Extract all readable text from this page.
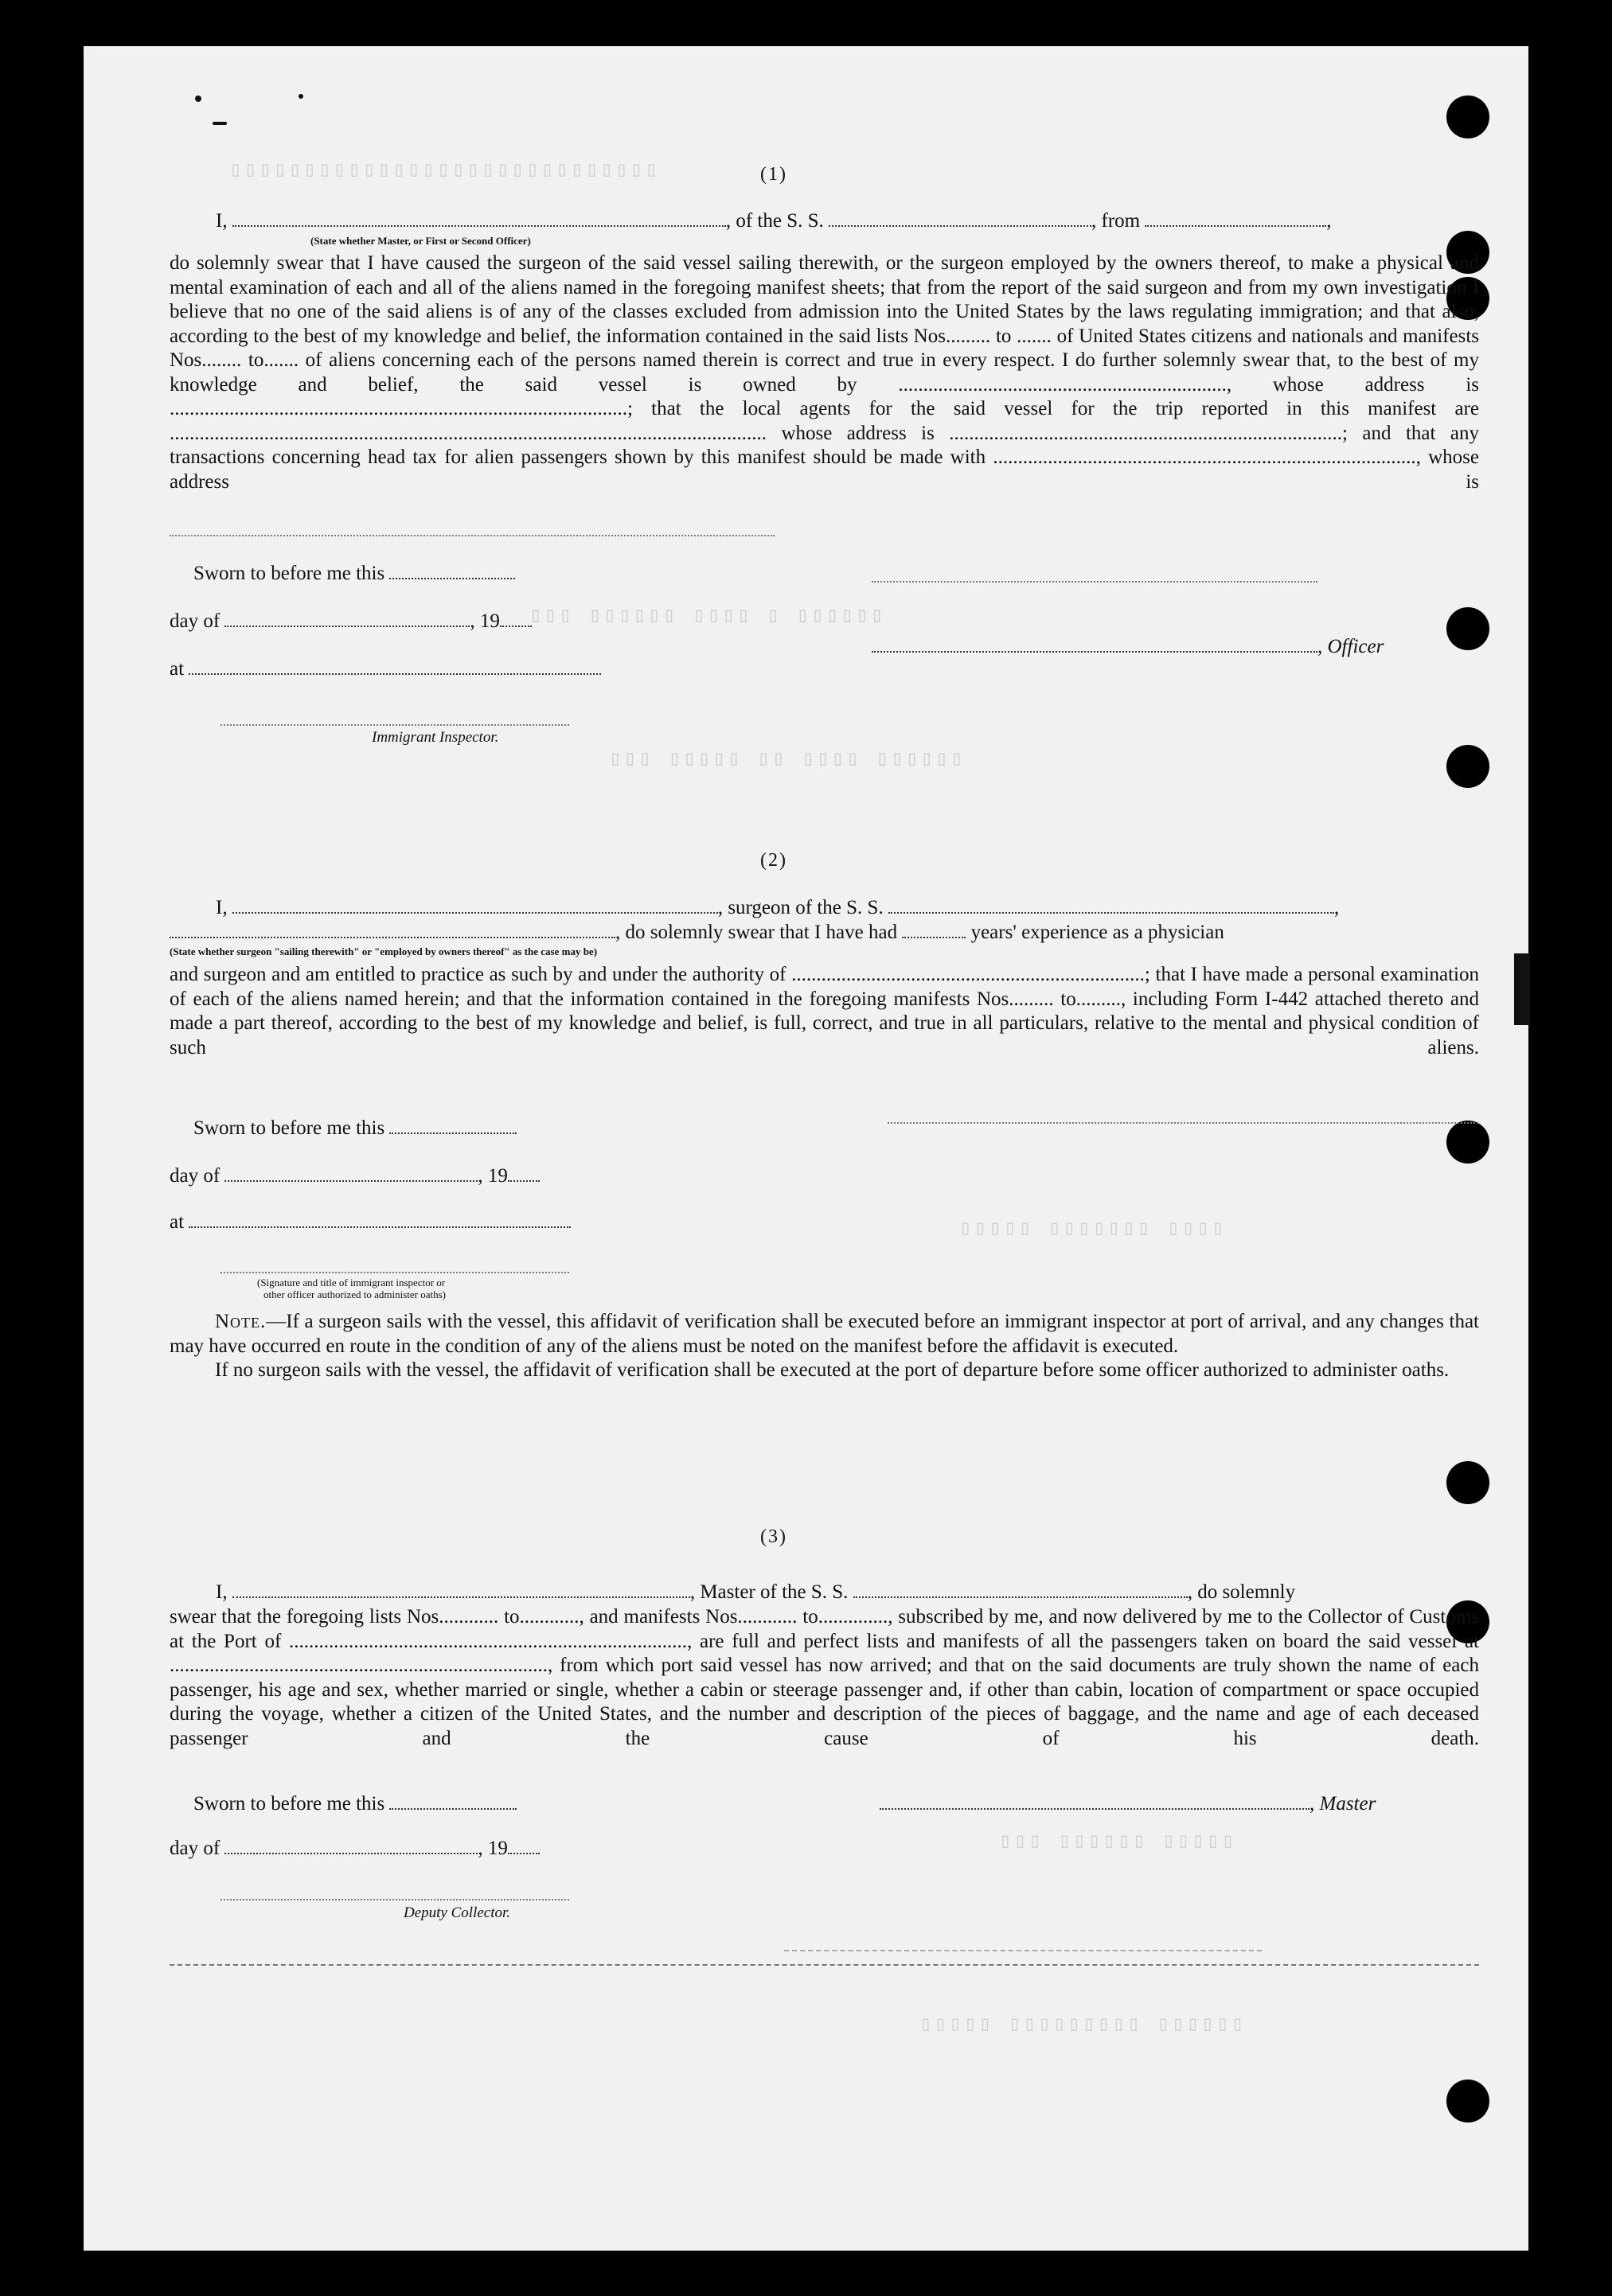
▯▯▯▯▯▯▯▯▯▯▯▯▯▯▯▯▯▯▯▯▯▯▯▯▯▯▯▯▯
▯▯▯ ▯▯▯▯▯▯ ▯▯▯▯ ▯ ▯▯▯▯▯▯
▯▯▯ ▯▯▯▯▯ ▯▯ ▯▯▯▯ ▯▯▯▯▯▯
▯▯▯▯▯ ▯▯▯▯▯▯▯ ▯▯▯▯
▯▯▯ ▯▯▯▯▯▯ ▯▯▯▯▯
▯▯▯▯▯ ▯▯▯▯▯▯▯▯▯ ▯▯▯▯▯▯
(1)
I,	, of the S. S.	, from	,
(State whether Master, or First or Second Officer)

do solemnly swear that I have caused the surgeon of the said vessel sailing therewith, or the surgeon employed by the owners thereof, to make a physical and mental examination of each and all of the aliens named in the foregoing manifest sheets; that from the report of the said surgeon and from my own investigation I believe that no one of the said aliens is of any of the classes excluded from admission into the United States by the laws regulating immigration; and that also, according to the best of my knowledge and belief, the information contained in the said lists Nos......... to ....... of United States citizens and nationals and manifests Nos........ to....... of aliens concerning each of the persons named therein is correct and true in every respect. I do further solemnly swear that, to the best of my knowledge and belief, the said vessel is owned by .................................................................., whose address is ............................................................................................; that the local agents for the said vessel for the trip reported in this manifest are ........................................................................................................................ whose address is ...............................................................................; and that any transactions concerning head tax for alien passengers shown by this manifest should be made with ....................................................................................., whose address is

Sworn to before me this
day of	, 19
, Officer
at
Immigrant Inspector.
(2)
I,	, surgeon of the S. S.	,
, do solemnly swear that I have had	years' experience as a physician
(State whether surgeon "sailing therewith" or "employed by owners thereof" as the case may be)

and surgeon and am entitled to practice as such by and under the authority of .......................................................................; that I have made a personal examination of each of the aliens named herein; and that the information contained in the foregoing manifests Nos......... to........., including Form I-442 attached thereto and made a part thereof, according to the best of my knowledge and belief, is full, correct, and true in all particulars, relative to the mental and physical condition of such aliens.

Sworn to before me this
day of	, 19
at
(Signature and title of immigrant inspector or
other officer authorized to administer oaths)

Note.—If a surgeon sails with the vessel, this affidavit of verification shall be executed before an immigrant inspector at port of arrival, and any changes that may have occurred en route in the condition of any of the aliens must be noted on the manifest before the affidavit is executed.

If no surgeon sails with the vessel, the affidavit of verification shall be executed at the port of departure before some officer authorized to administer oaths.

(3)
I,	, Master of the S. S.	, do solemnly

swear that the foregoing lists Nos............ to............, and manifests Nos............ to.............., subscribed by me, and now delivered by me to the Collector of Customs at the Port of ................................................................................, are full and perfect lists and manifests of all the passengers taken on board the said vessel at ............................................................................, from which port said vessel has now arrived; and that on the said documents are truly shown the name of each passenger, his age and sex, whether married or single, whether a cabin or steerage passenger and, if other than cabin, location of compartment or space occupied during the voyage, whether a citizen of the United States, and the number and description of the pieces of baggage, and the name and age of each deceased passenger and the cause of his death.

Sworn to before me this	, Master
day of	, 19
Deputy Collector.
